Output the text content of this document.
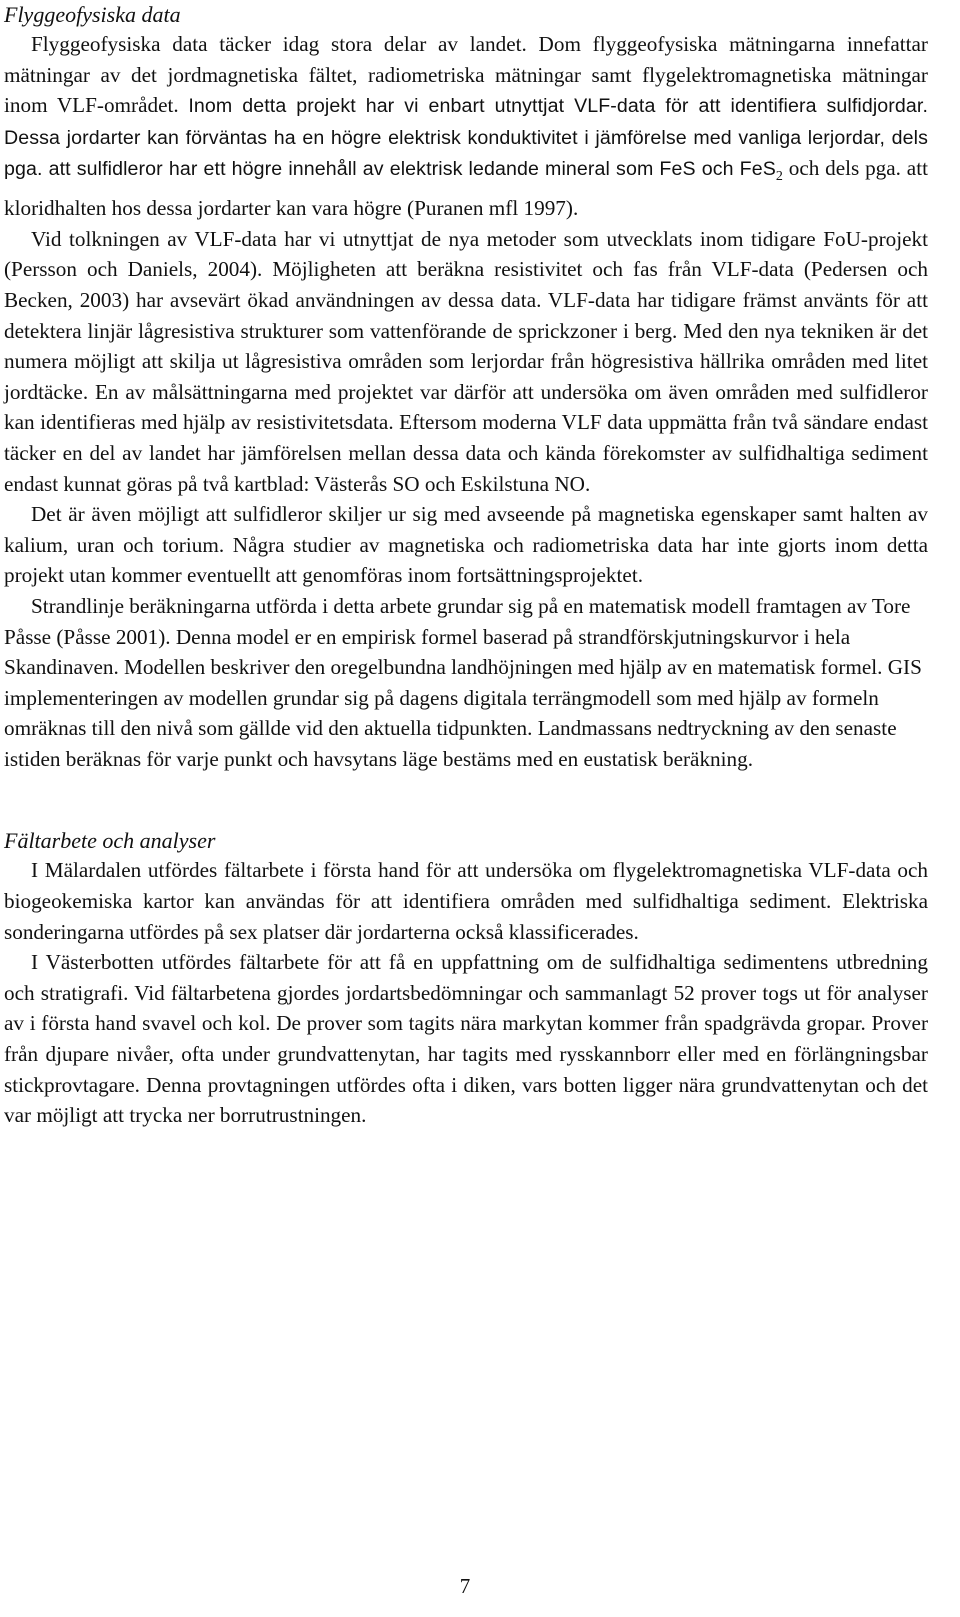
Flyggeofysiska data

Flyggeofysiska data täcker idag stora delar av landet. Dom flyggeofysiska mätningarna innefattar mätningar av det jordmagnetiska fältet, radiometriska mätningar samt flygelektromagnetiska mätningar inom VLF-området. Inom detta projekt har vi enbart utnyttjat VLF-data för att identifiera sulfidjordar. Dessa jordarter kan förväntas ha en högre elektrisk konduktivitet i jämförelse med vanliga lerjordar, dels pga. att sulfidleror har ett högre innehåll av elektrisk ledande mineral som FeS och FeS$_2$ och dels pga. att kloridhalten hos dessa jordarter kan vara högre (Puranen mfl 1997).

Vid tolkningen av VLF-data har vi utnyttjat de nya metoder som utvecklats inom tidigare FoU-projekt (Persson och Daniels, 2004). Möjligheten att beräkna resistivitet och fas från VLF-data (Pedersen och Becken, 2003) har avsevärt ökad användningen av dessa data. VLF-data har tidigare främst använts för att detektera linjär lågresistiva strukturer som vattenförande de sprickzoner i berg. Med den nya tekniken är det numera möjligt att skilja ut lågresistiva områden som lerjordar från högresistiva hällrika områden med litet jordtäcke. En av målsättningarna med projektet var därför att undersöka om även områden med sulfidleror kan identifieras med hjälp av resistivitetsdata. Eftersom moderna VLF data uppmätta från två sändare endast täcker en del av landet har jämförelsen mellan dessa data och kända förekomster av sulfidhaltiga sediment endast kunnat göras på två kartblad: Västerås SO och Eskilstuna NO.

Det är även möjligt att sulfidleror skiljer ur sig med avseende på magnetiska egenskaper samt halten av kalium, uran och torium. Några studier av magnetiska och radiometriska data har inte gjorts inom detta projekt utan kommer eventuellt att genomföras inom fortsättningsprojektet.

Strandlinje beräkningarna utförda i detta arbete grundar sig på en matematisk modell framtagen av Tore Påsse (Påsse 2001). Denna model er en empirisk formel baserad på strandförskjutningskurvor i hela Skandinaven. Modellen beskriver den oregelbundna landhöjningen med hjälp av en matematisk formel. GIS implementeringen av modellen grundar sig på dagens digitala terrängmodell som med hjälp av formeln omräknas till den nivå som gällde vid den aktuella tidpunkten. Landmassans nedtryckning av den senaste istiden beräknas för varje punkt och havsytans läge bestäms med en eustatisk beräkning.

Fältarbete och analyser

I Mälardalen utfördes fältarbete i första hand för att undersöka om flygelektromagnetiska VLF-data och biogeokemiska kartor kan användas för att identifiera områden med sulfidhaltiga sediment. Elektriska sonderingarna utfördes på sex platser där jordarterna också klassificerades.

I Västerbotten utfördes fältarbete för att få en uppfattning om de sulfidhaltiga sedimentens utbredning och stratigrafi. Vid fältarbetena gjordes jordartsbedömningar och sammanlagt 52 prover togs ut för analyser av i första hand svavel och kol. De prover som tagits nära markytan kommer från spadgrävda gropar. Prover från djupare nivåer, ofta under grundvattenytan, har tagits med rysskannborr eller med en förlängningsbar stickprovtagare. Denna provtagningen utfördes ofta i diken, vars botten ligger nära grundvattenytan och det var möjligt att trycka ner borrutrustningen.

7
